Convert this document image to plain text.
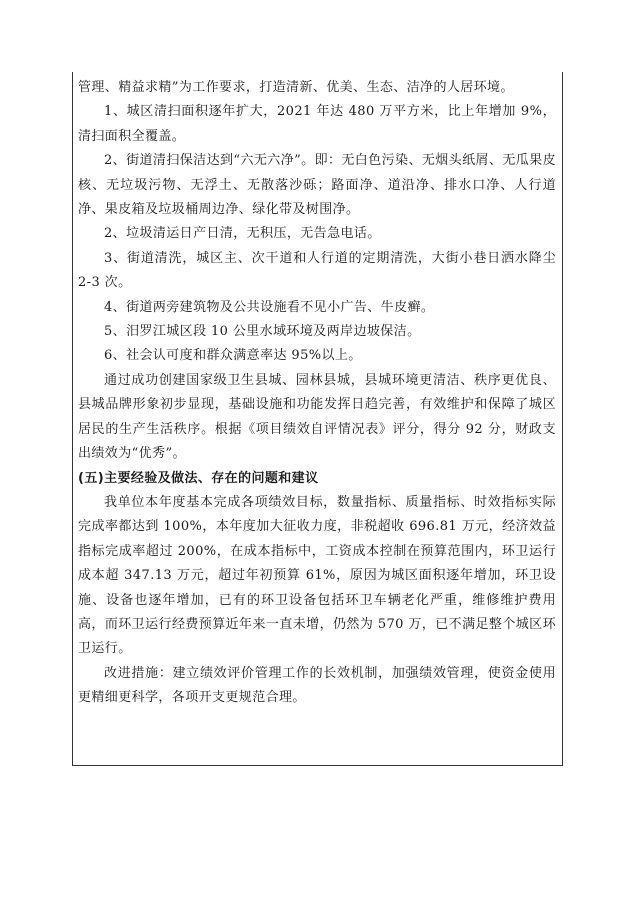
管理、精益求精”为工作要求，打造清新、优美、生态、洁净的人居环境。

1、城区清扫面积逐年扩大，2021 年达 480 万平方米，比上年增加 9%，清扫面积全覆盖。

2、街道清扫保洁达到“六无六净”。即：无白色污染、无烟头纸屑、无瓜果皮核、无垃圾污物、无浮土、无散落沙砾；路面净、道沿净、排水口净、人行道净、果皮箱及垃圾桶周边净、绿化带及树围净。

2、垃圾清运日产日清，无积压，无告急电话。

3、街道清洗，城区主、次干道和人行道的定期清洗，大街小巷日洒水降尘 2-3 次。

4、街道两旁建筑物及公共设施看不见小广告、牛皮癣。

5、汨罗江城区段 10 公里水域环境及两岸边坡保洁。

6、社会认可度和群众满意率达 95%以上。

通过成功创建国家级卫生县城、园林县城，县城环境更清洁、秩序更优良、县城品牌形象初步显现，基础设施和功能发挥日趋完善，有效维护和保障了城区居民的生产生活秩序。根据《项目绩效自评情况表》评分，得分 92 分，财政支出绩效为“优秀”。

(五)主要经验及做法、存在的问题和建议

我单位本年度基本完成各项绩效目标，数量指标、质量指标、时效指标实际完成率都达到 100%，本年度加大征收力度，非税超收 696.81 万元，经济效益指标完成率超过 200%，在成本指标中，工资成本控制在预算范围内，环卫运行成本超 347.13 万元，超过年初预算 61%，原因为城区面积逐年增加，环卫设施、设备也逐年增加，已有的环卫设备包括环卫车辆老化严重，维修维护费用高，而环卫运行经费预算近年来一直未增，仍然为 570 万，已不满足整个城区环卫运行。

改进措施：建立绩效评价管理工作的长效机制，加强绩效管理，使资金使用更精细更科学，各项开支更规范合理。
